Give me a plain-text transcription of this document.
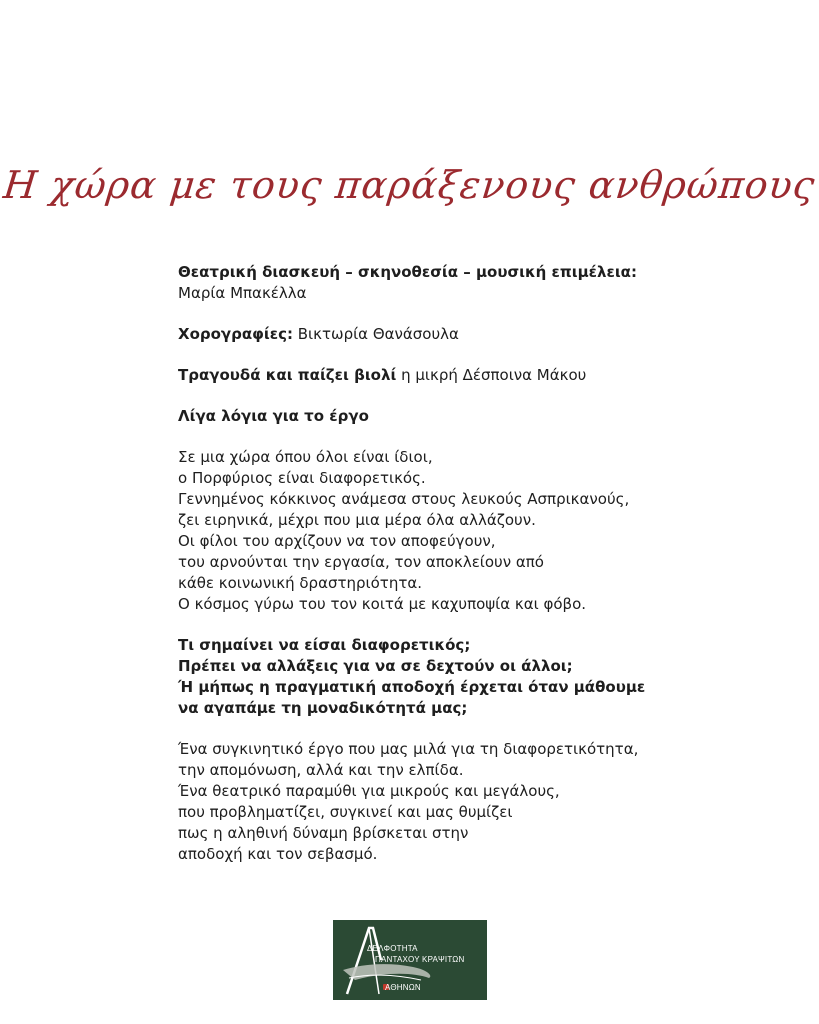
Η χώρα με τους παράξενους ανθρώπους
Θεατρική διασκευή – σκηνοθεσία – μουσική επιμέλεια:
Μαρία Μπακέλλα
Χορογραφίες: Βικτωρία Θανάσουλα
Τραγουδά και παίζει βιολί η μικρή Δέσποινα Μάκου
Λίγα λόγια για το έργο
Σε μια χώρα όπου όλοι είναι ίδιοι,
ο Πορφύριος είναι διαφορετικός.
Γεννημένος κόκκινος ανάμεσα στους λευκούς Ασπρικανούς,
ζει ειρηνικά, μέχρι που μια μέρα όλα αλλάζουν.
Οι φίλοι του αρχίζουν να τον αποφεύγουν,
του αρνούνται την εργασία, τον αποκλείουν από
κάθε κοινωνική δραστηριότητα.
Ο κόσμος γύρω του τον κοιτά με καχυποψία και φόβο.
Τι σημαίνει να είσαι διαφορετικός;
Πρέπει να αλλάξεις για να σε δεχτούν οι άλλοι;
Ή μήπως η πραγματική αποδοχή έρχεται όταν μάθουμε
να αγαπάμε τη μοναδικότητά μας;
Ένα συγκινητικό έργο που μας μιλά για τη διαφορετικότητα,
την απομόνωση, αλλά και την ελπίδα.
Ένα θεατρικό παραμύθι για μικρούς και μεγάλους,
που προβληματίζει, συγκινεί και μας θυμίζει
πως η αληθινή δύναμη βρίσκεται στην
αποδοχή και τον σεβασμό.
ΔΕΛΦΟΤΗΤΑ
ΠΑΝΤΑΧΟΥ ΚΡΑΨΙΤΩΝ
ΑΘΗΝΩΝ
